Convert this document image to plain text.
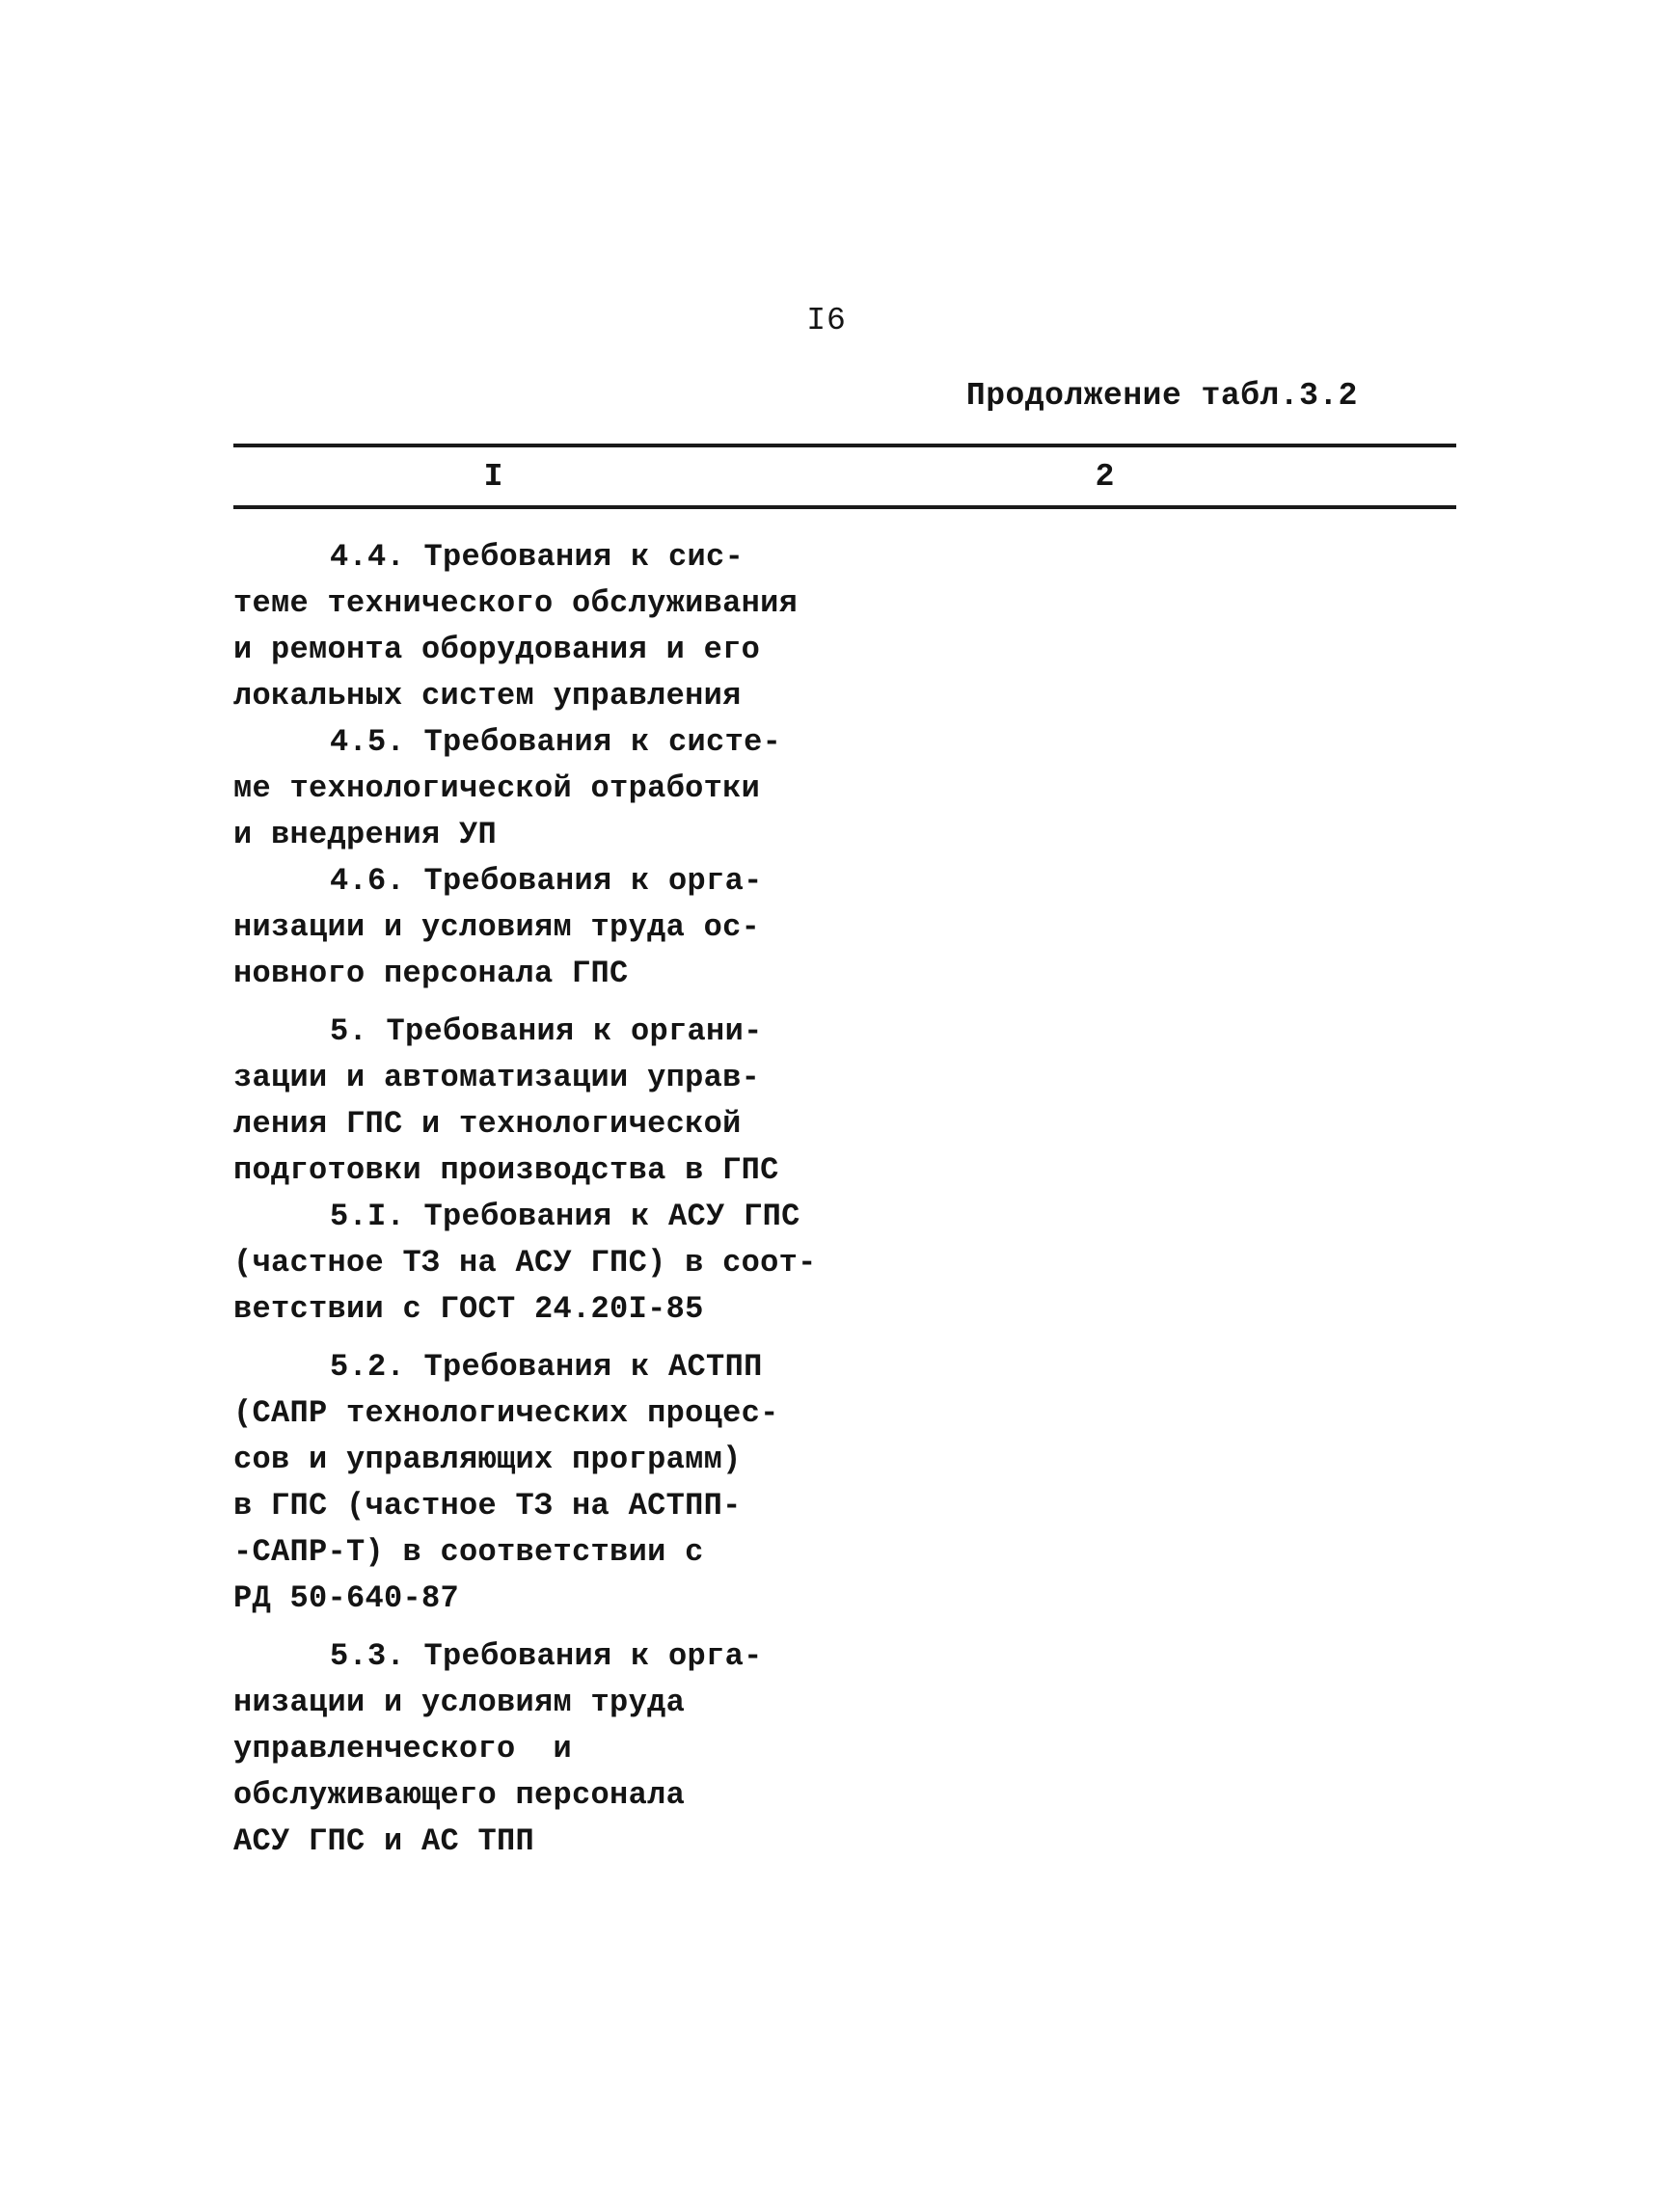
I6
Продолжение табл.3.2
I	2

4.4. Требования к сис-
теме технического обслуживания
и ремонта оборудования и его
локальных систем управления

4.5. Требования к систе-
ме технологической отработки
и внедрения УП

4.6. Требования к орга-
низации и условиям труда ос-
новного персонала ГПС

5. Требования к органи-
зации и автоматизации управ-
ления ГПС и технологической
подготовки производства в ГПС

5.I. Требования к АСУ ГПС
(частное ТЗ на АСУ ГПС) в соот-
ветствии с ГОСТ 24.20I-85

5.2. Требования к АСТПП
(САПР технологических процес-
сов и управляющих программ)
в ГПС (частное ТЗ на АСТПП-
-САПР-Т) в соответствии с
РД 50-640-87

5.3. Требования к орга-
низации и условиям труда
управленческого  и
обслуживающего персонала
АСУ ГПС и АС ТПП
